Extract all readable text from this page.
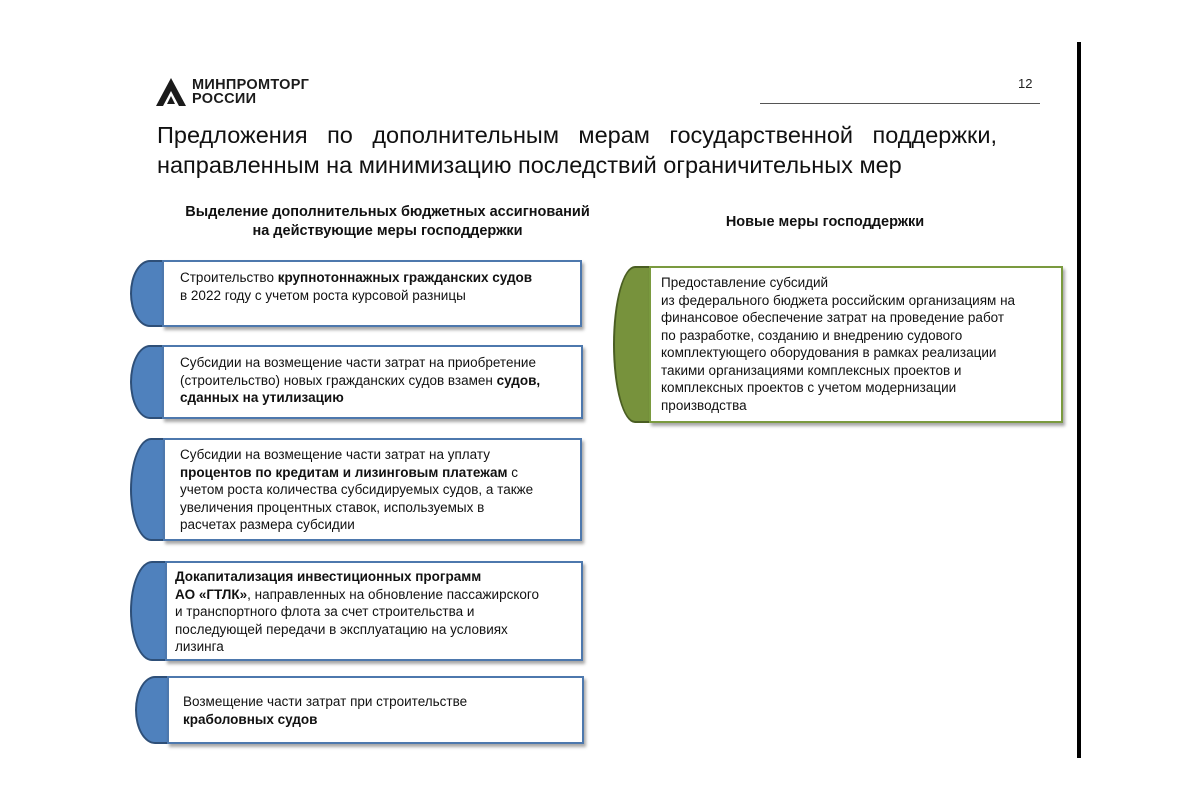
МИНПРОМТОРГ
РОССИИ
12
Предложения по дополнительным мерам государственной поддержки,
направленным на минимизацию последствий ограничительных мер
Выделение дополнительных бюджетных ассигнований
на действующие меры господдержки
Новые меры господдержки
Строительство крупнотоннажных гражданских судов
в 2022 году с учетом роста курсовой разницы
Субсидии на возмещение части затрат на приобретение
(строительство) новых гражданских судов взамен судов,
сданных на утилизацию
Субсидии на возмещение части затрат на уплату
процентов по кредитам и лизинговым платежам с
учетом роста количества субсидируемых судов, а также
увеличения процентных ставок, используемых в
расчетах размера субсидии
Докапитализация инвестиционных программ
АО «ГТЛК», направленных на обновление пассажирского
и транспортного флота за счет строительства и
последующей передачи в эксплуатацию на условиях
лизинга
Возмещение части затрат при строительстве
краболовных судов
Предоставление субсидий
из федерального бюджета российским организациям на
финансовое обеспечение затрат на проведение работ
по разработке, созданию и внедрению судового
комплектующего оборудования в рамках реализации
такими организациями комплексных проектов и
комплексных проектов с учетом модернизации
производства
